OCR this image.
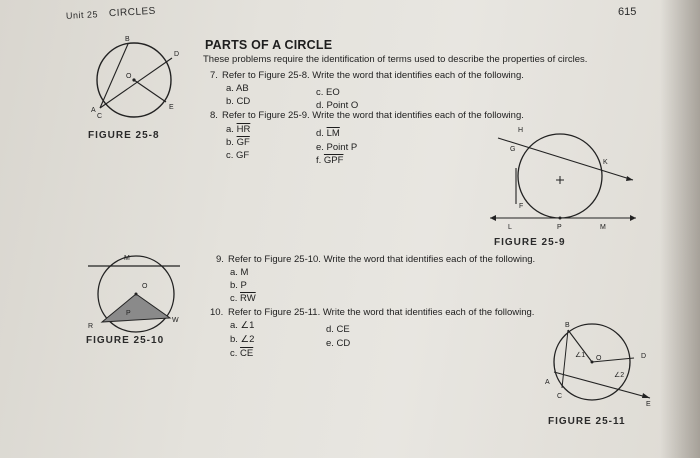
Unit 25 CIRCLES	615
PARTS OF A CIRCLE
These problems require the identification of terms used to describe the properties of circles.
7. Refer to Figure 25-8. Write the word that identifies each of the following.
a. AB	c. EO
b. CD	d. Point O
8. Refer to Figure 25-9. Write the word that identifies each of the following.
a. $\overline{HR}$	d. $\overline{LM}$
b. $\overline{GF}$	e. Point P
c. GF	f. $\overline{GPF}$
B
D
O
A
C
E
FIGURE 25-8	H
G
K
F
L	P	M
FIGURE 25-9
9. Refer to Figure 25-10. Write the word that identifies each of the following.
a. M
b. P
c. $\overline{RW}$
10. Refer to Figure 25-11. Write the word that identifies each of the following.
a. ∠1	d. CE
b. ∠2	e. CD
c. $\overline{CE}$
M
O
P
R
W
FIGURE 25-10
B
D
O
A
C
E
∠1
∠2
FIGURE 25-11
